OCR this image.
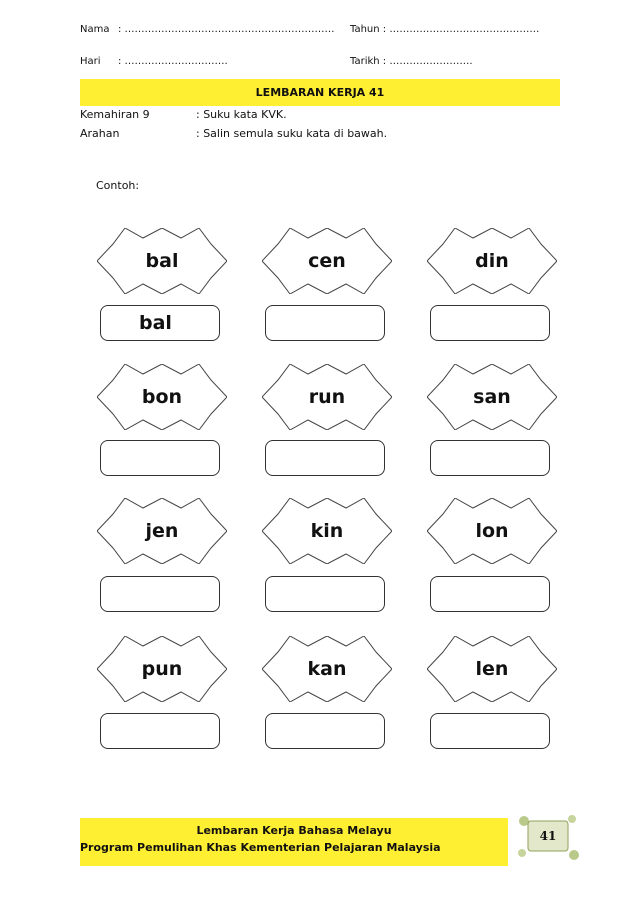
Nama : ……………………………………………………… Tahun : ………………………………………
Hari : ………………………….	Tarikh : …………………….
LEMBARAN KERJA 41
Kemahiran 9	: Suku kata KVK.
Arahan	: Salin semula suku kata di bawah.
Contoh:
bal
bal
cen	din
bon	run	san
jen	kin	lon
pun	kan	len
Lembaran Kerja Bahasa Melayu
Program Pemulihan Khas Kementerian Pelajaran Malaysia
41
